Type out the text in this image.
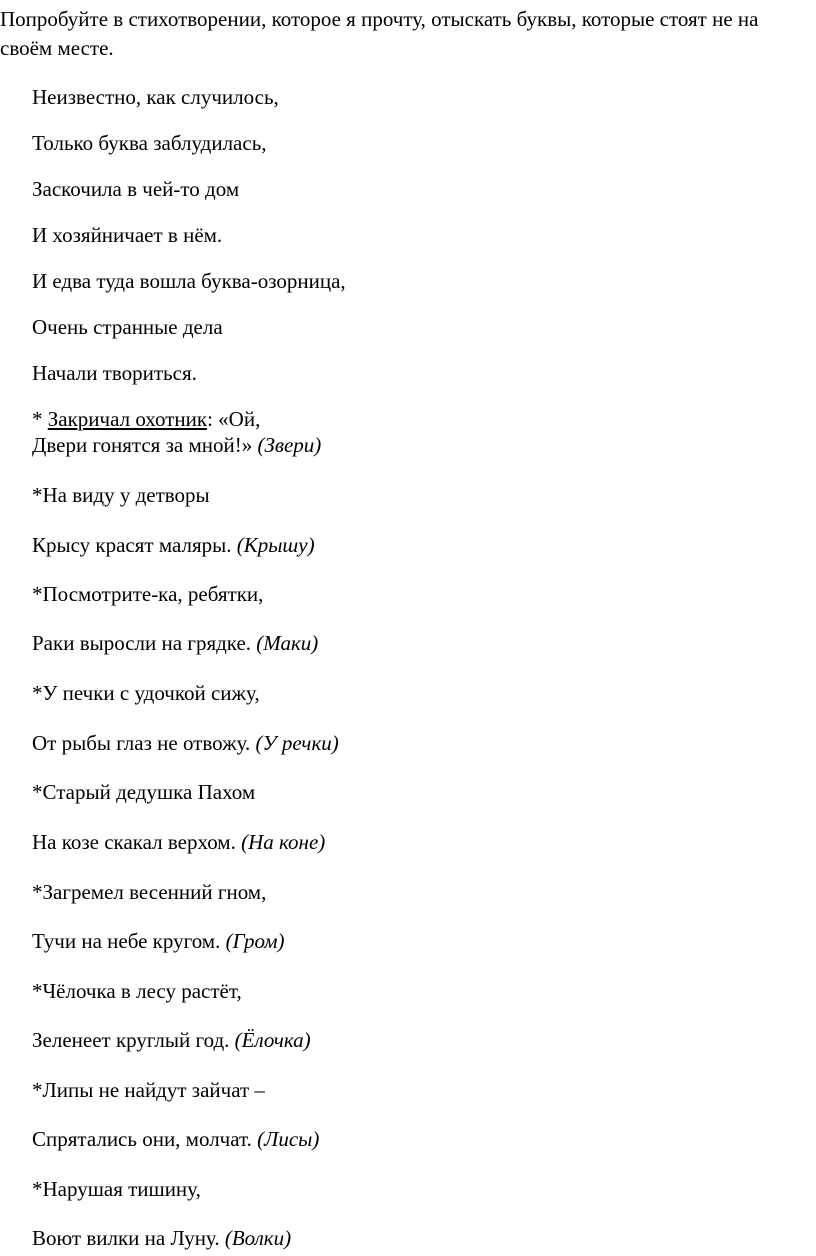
Попробуйте в стихотворении, которое я прочту, отыскать буквы, которые стоят не на своём месте.

Неизвестно, как случилось,
Только буква заблудилась,
Заскочила в чей-то дом
И хозяйничает в нём.
И едва туда вошла буква-озорница,
Очень странные дела
Начали твориться.
* Закричал охотник: «Ой,
Двери гонятся за мной!» (Звери)
*На виду у детворы
Крысу красят маляры. (Крышу)
*Посмотрите-ка, ребятки,
Раки выросли на грядке. (Маки)
*У печки с удочкой сижу,
От рыбы глаз не отвожу. (У речки)
*Старый дедушка Пахом
На козе скакал верхом. (На коне)
*Загремел весенний гном,
Тучи на небе кругом. (Гром)
*Чёлочка в лесу растёт,
Зеленеет круглый год. (Ёлочка)
*Липы не найдут зайчат –
Спрятались они, молчат. (Лисы)
*Нарушая тишину,
Воют вилки на Луну. (Волки)
